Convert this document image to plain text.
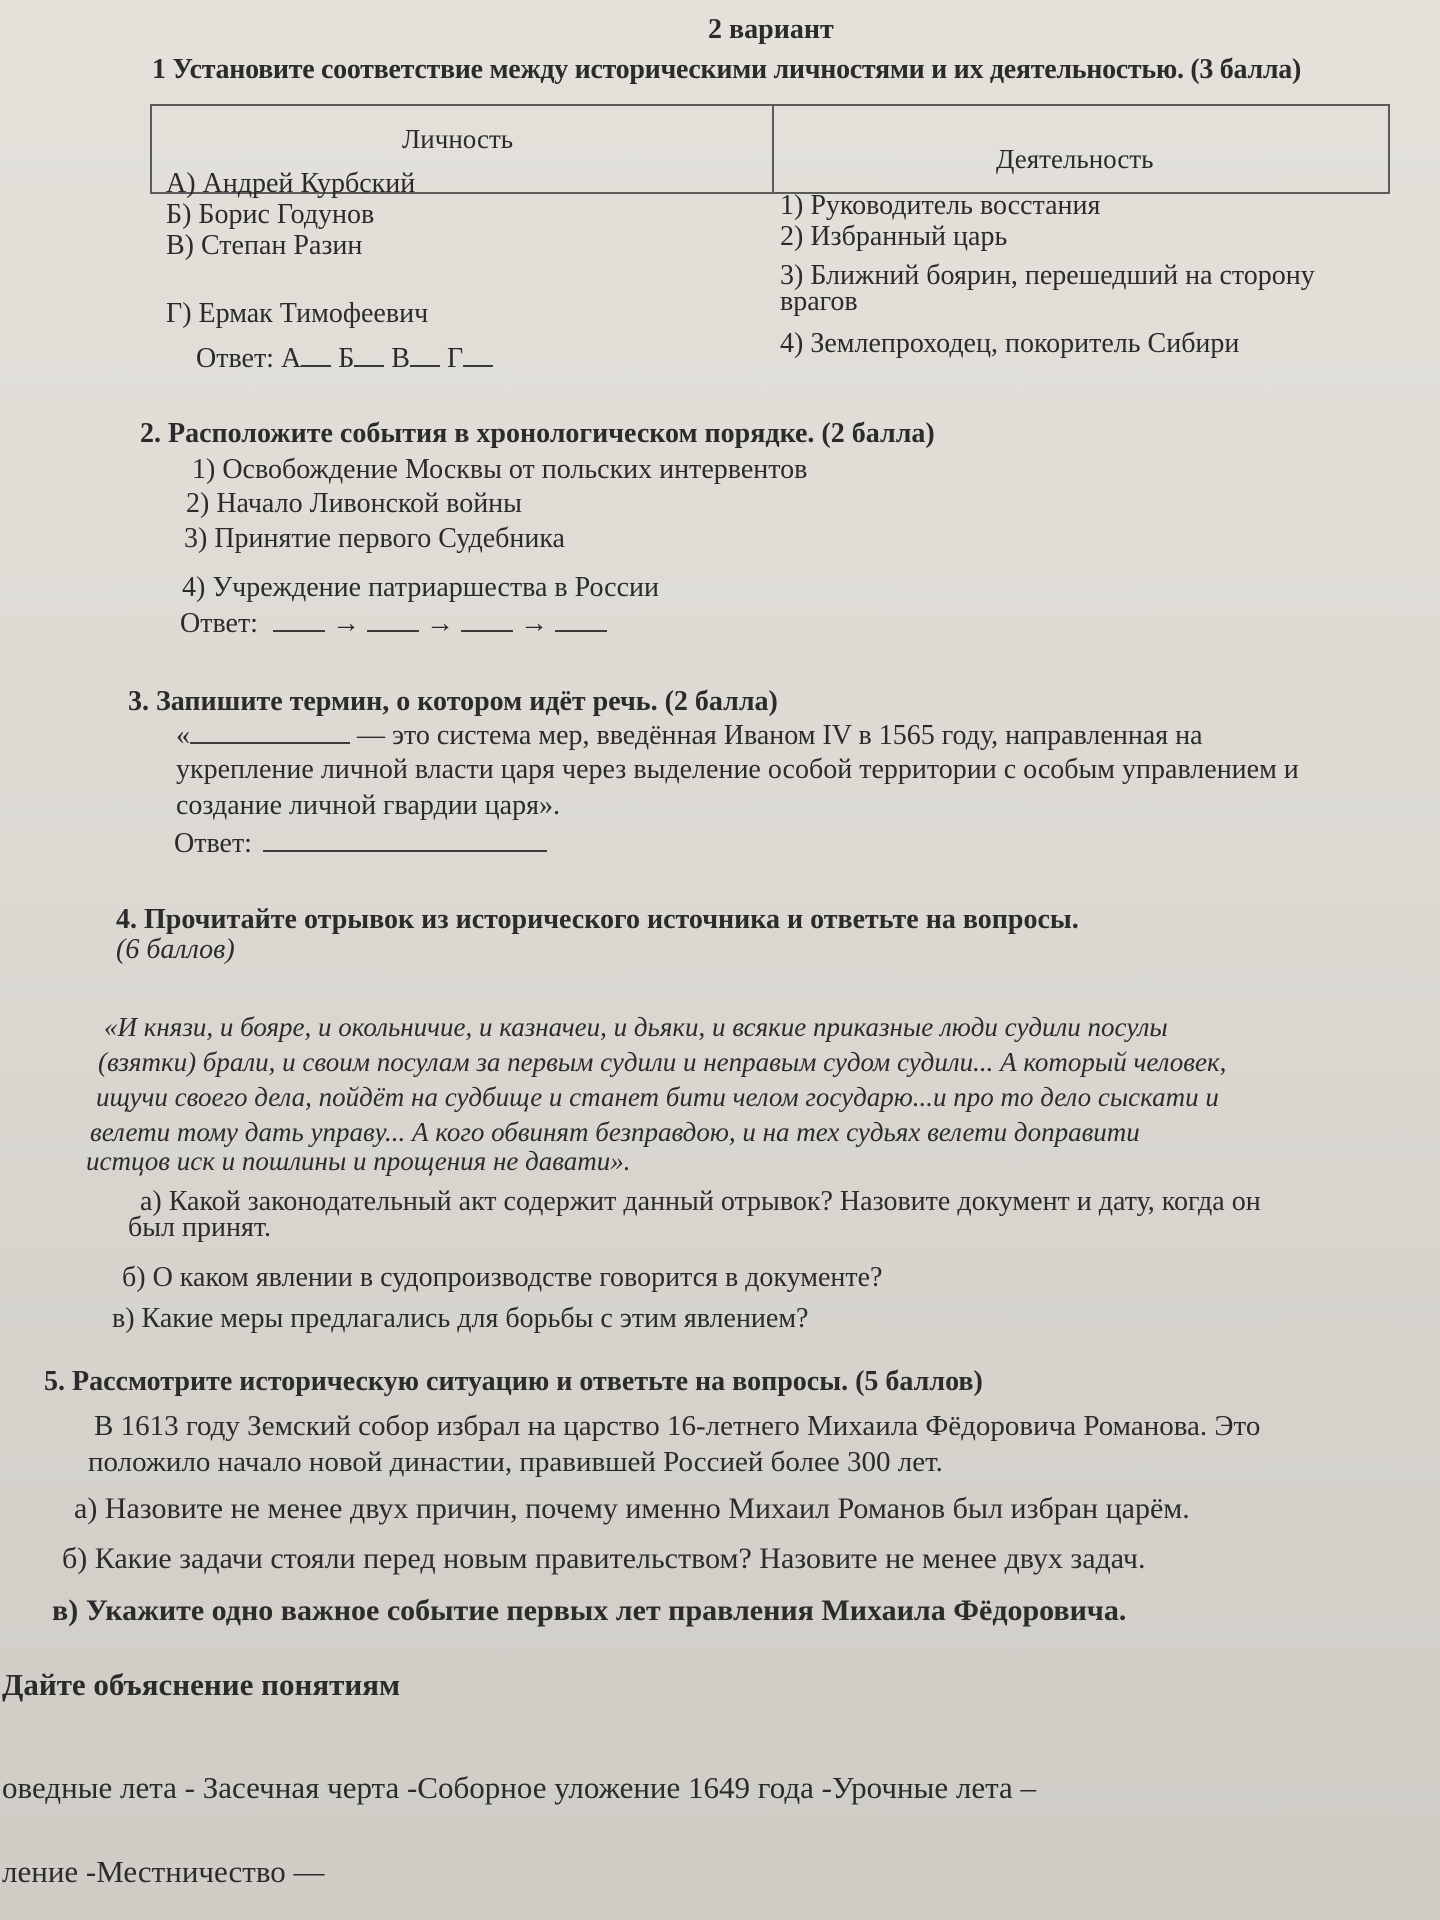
2 вариант
1 Установите соответствие между историческими личностями и их деятельностью. (3 балла)
Личность
Деятельность
А) Андрей Курбский
Б) Борис Годунов
В) Степан Разин
Г) Ермак Тимофеевич
1) Руководитель восстания
2) Избранный царь
3) Ближний боярин, перешедший на сторону
врагов
4) Землепроходец, покоритель Сибири
Ответ: А Б В Г
2. Расположите события в хронологическом порядке. (2 балла)
1) Освобождение Москвы от польских интервентов
2) Начало Ливонской войны
3) Принятие первого Судебника
4) Учреждение патриаршества в России
Ответ:	→ → →
3. Запишите термин, о котором идёт речь. (2 балла)
«	— это система мер, введённая Иваном IV в 1565 году, направленная на
укрепление личной власти царя через выделение особой территории с особым управлением и
создание личной гвардии царя».
Ответ:
4. Прочитайте отрывок из исторического источника и ответьте на вопросы.
(6 баллов)
«И князи, и бояре, и окольничие, и казначеи, и дьяки, и всякие приказные люди судили посулы
(взятки) брали, и своим посулам за первым судили и неправым судом судили... А который человек,
ищучи своего дела, пойдёт на судбище и станет бити челом государю...и про то дело сыскати и
велети тому дать управу... А кого обвинят безправдою, и на тех судьях велети доправити
истцов иск и пошлины и прощения не давати».
а) Какой законодательный акт содержит данный отрывок? Назовите документ и дату, когда он
был принят.
б) О каком явлении в судопроизводстве говорится в документе?
в) Какие меры предлагались для борьбы с этим явлением?
5. Рассмотрите историческую ситуацию и ответьте на вопросы. (5 баллов)
В 1613 году Земский собор избрал на царство 16-летнего Михаила Фёдоровича Романова. Это
положило начало новой династии, правившей Россией более 300 лет.
а) Назовите не менее двух причин, почему именно Михаил Романов был избран царём.
б) Какие задачи стояли перед новым правительством? Назовите не менее двух задач.
в) Укажите одно важное событие первых лет правления Михаила Фёдоровича.
Дайте объяснение понятиям
оведные лета - Засечная черта -Соборное уложение 1649 года -Урочные лета –
ление -Местничество —
